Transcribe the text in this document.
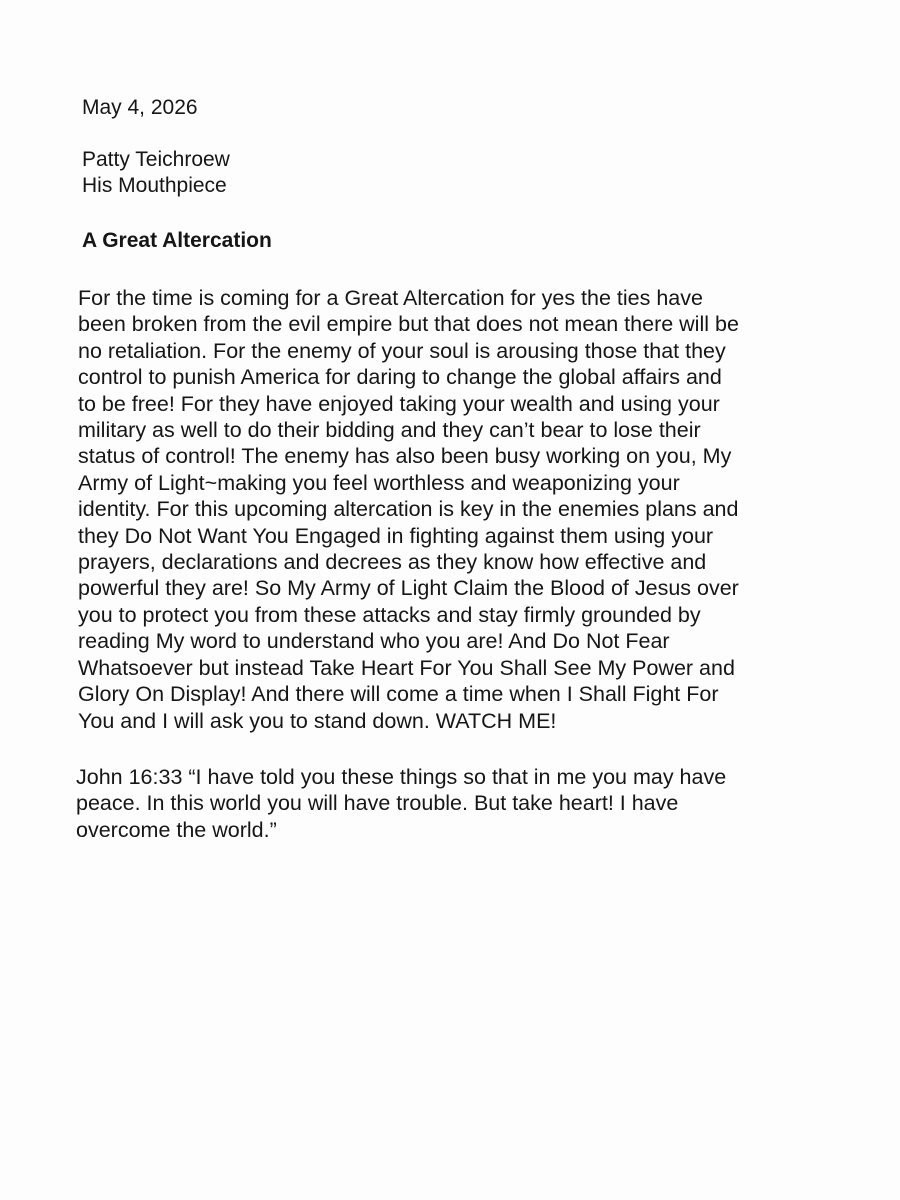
May 4, 2026
Patty Teichroew
His Mouthpiece
A Great Altercation
For the time is coming for a Great Altercation for yes the ties have
been broken from the evil empire but that does not mean there will be
no retaliation. For the enemy of your soul is arousing those that they
control to punish America for daring to change the global affairs and
to be free! For they have enjoyed taking your wealth and using your
military as well to do their bidding and they can’t bear to lose their
status of control! The enemy has also been busy working on you, My
Army of Light~making you feel worthless and weaponizing your
identity. For this upcoming altercation is key in the enemies plans and
they Do Not Want You Engaged in fighting against them using your
prayers, declarations and decrees as they know how effective and
powerful they are! So My Army of Light Claim the Blood of Jesus over
you to protect you from these attacks and stay firmly grounded by
reading My word to understand who you are! And Do Not Fear
Whatsoever but instead Take Heart For You Shall See My Power and
Glory On Display! And there will come a time when I Shall Fight For
You and I will ask you to stand down. WATCH ME!
John 16:33 “I have told you these things so that in me you may have
peace. In this world you will have trouble. But take heart! I have
overcome the world.”
